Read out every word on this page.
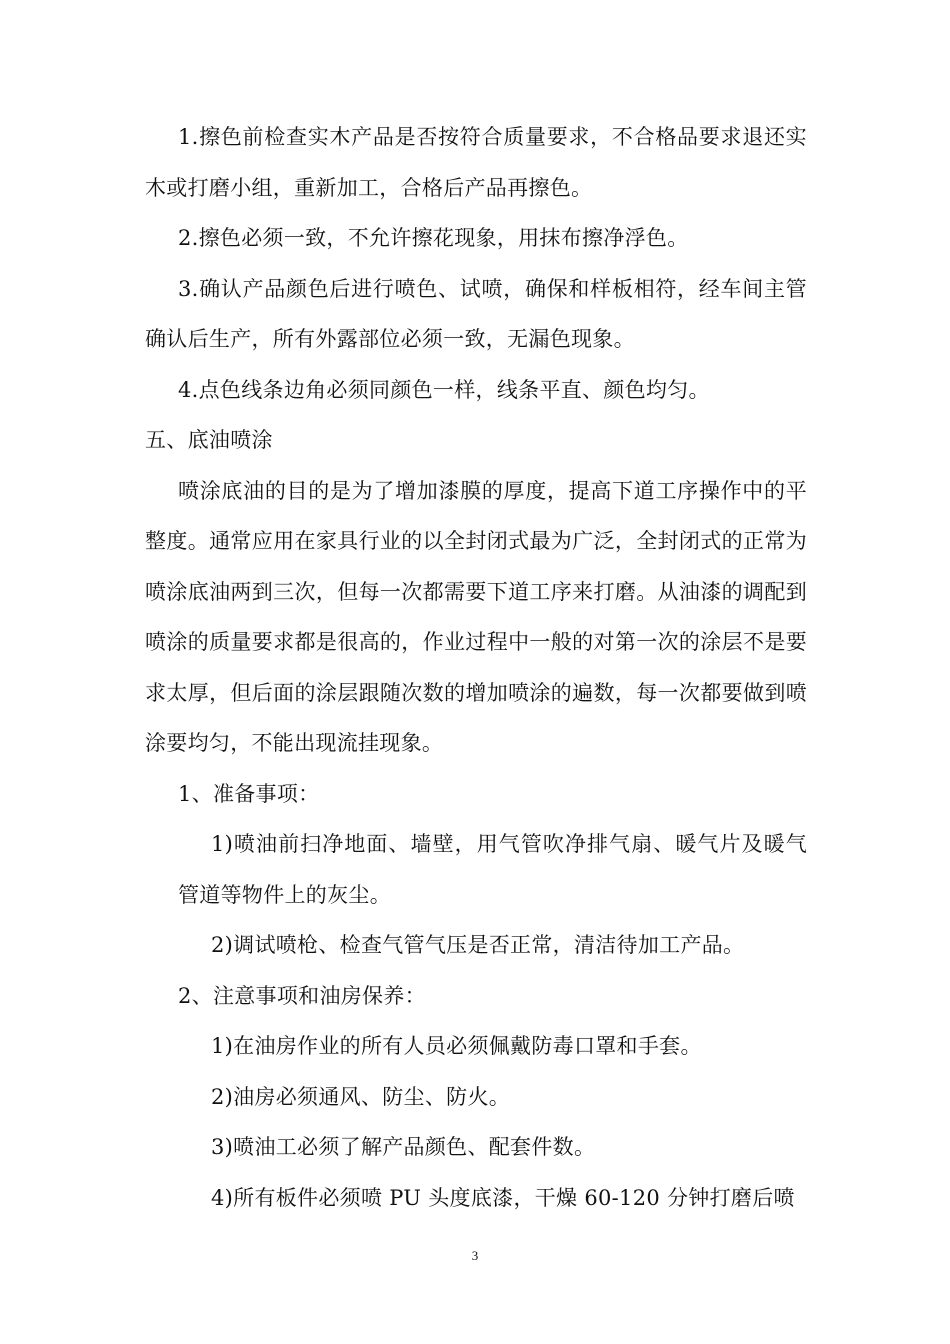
1.擦色前检查实木产品是否按符合质量要求，不合格品要求退还实木或打磨小组，重新加工，合格后产品再擦色。

2.擦色必须一致，不允许擦花现象，用抹布擦净浮色。

3.确认产品颜色后进行喷色、试喷，确保和样板相符，经车间主管确认后生产，所有外露部位必须一致，无漏色现象。

4.点色线条边角必须同颜色一样，线条平直、颜色均匀。

五、底油喷涂

喷涂底油的目的是为了增加漆膜的厚度，提高下道工序操作中的平整度。通常应用在家具行业的以全封闭式最为广泛，全封闭式的正常为喷涂底油两到三次，但每一次都需要下道工序来打磨。从油漆的调配到喷涂的质量要求都是很高的，作业过程中一般的对第一次的涂层不是要求太厚，但后面的涂层跟随次数的增加喷涂的遍数，每一次都要做到喷涂要均匀，不能出现流挂现象。

1、准备事项：

1)喷油前扫净地面、墙壁，用气管吹净排气扇、暖气片及暖气管道等物件上的灰尘。

2)调试喷枪、检查气管气压是否正常，清洁待加工产品。

2、注意事项和油房保养：

1)在油房作业的所有人员必须佩戴防毒口罩和手套。

2)油房必须通风、防尘、防火。

3)喷油工必须了解产品颜色、配套件数。

4)所有板件必须喷 PU 头度底漆，干燥 60-120 分钟打磨后喷

3
